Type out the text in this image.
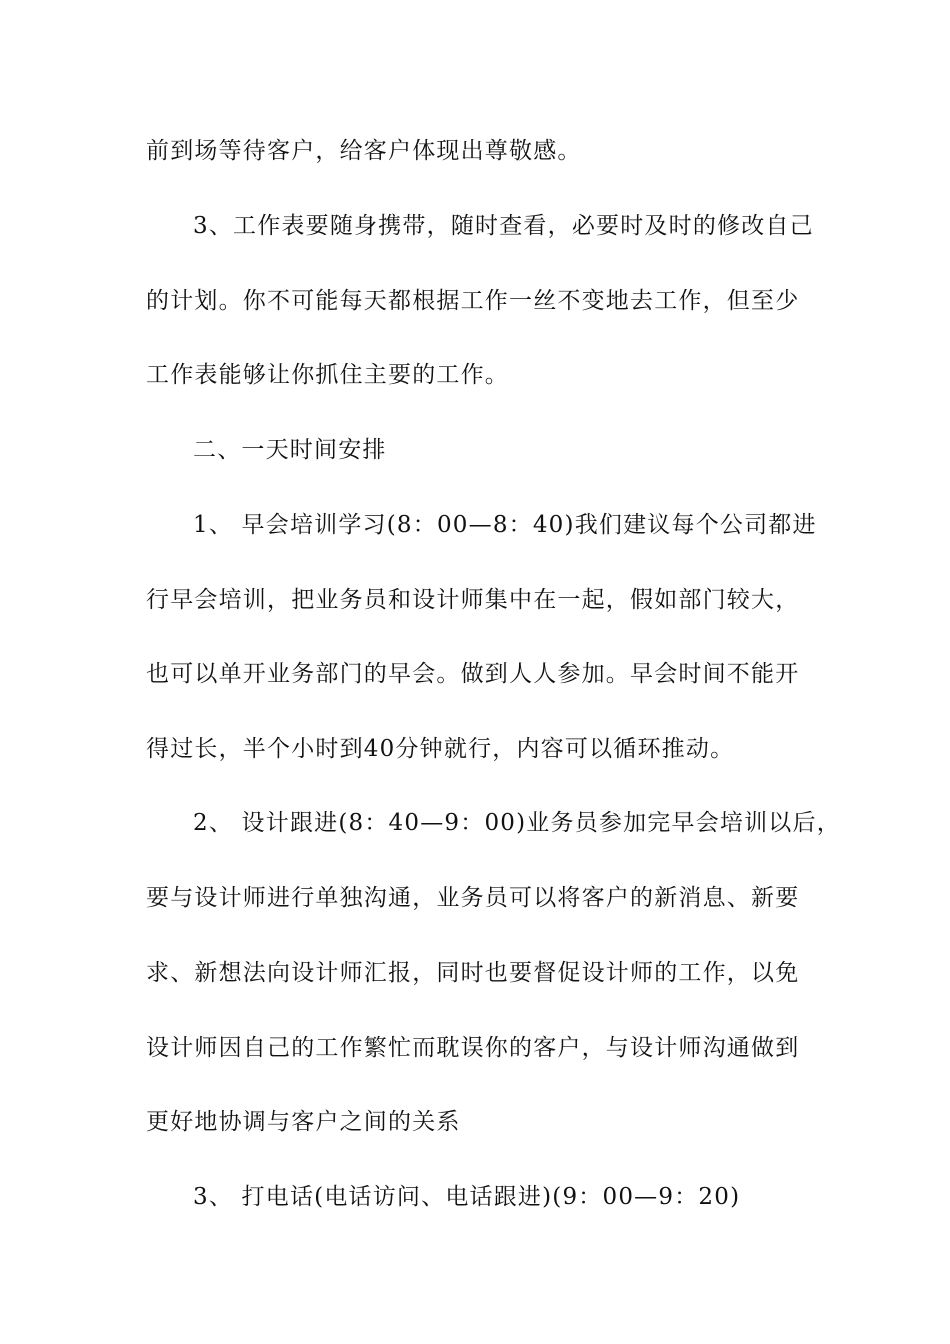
前到场等待客户，给客户体现出尊敬感。
3、工作表要随身携带，随时查看，必要时及时的修改自己
的计划。你不可能每天都根据工作一丝不变地去工作，但至少
工作表能够让你抓住主要的工作。
二、一天时间安排
1、 早会培训学习(8：00—8：40)我们建议每个公司都进
行早会培训，把业务员和设计师集中在一起，假如部门较大，
也可以单开业务部门的早会。做到人人参加。早会时间不能开
得过长，半个小时到40分钟就行，内容可以循环推动。
2、 设计跟进(8：40—9：00)业务员参加完早会培训以后，
要与设计师进行单独沟通，业务员可以将客户的新消息、新要
求、新想法向设计师汇报，同时也要督促设计师的工作，以免
设计师因自己的工作繁忙而耽误你的客户，与设计师沟通做到
更好地协调与客户之间的关系
3、 打电话(电话访问、电话跟进)(9：00—9：20)
